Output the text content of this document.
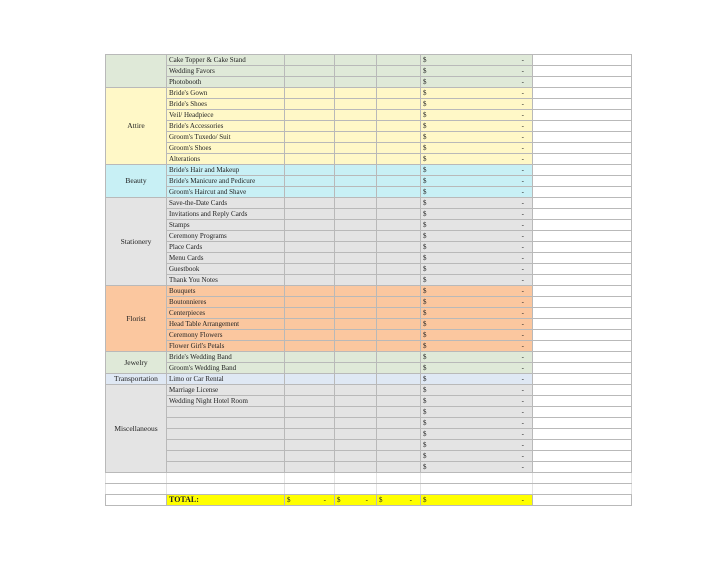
	Cake Topper & Cake Stand				$ -	

	Wedding Favors				$ -	

	Photobooth				$ -	

Attire	Bride's Gown				$ -	

	Bride's Shoes				$ -	

	Veil/ Headpiece				$ -	

	Bride's Accessories				$ -	

	Groom's Tuxedo/ Suit				$ -	

	Groom's Shoes				$ -	

	Alterations				$ -	

Beauty	Bride's Hair and Makeup				$ -	

	Bride's Manicure and Pedicure				$ -	

	Groom's Haircut and Shave				$ -	

Stationery	Save-the-Date Cards				$ -	

	Invitations and Reply Cards				$ -	

	Stamps				$ -	

	Ceremony Programs				$ -	

	Place Cards				$ -	

	Menu Cards				$ -	

	Guestbook				$ -	

	Thank You Notes				$ -	

Florist	Bouquets				$ -	

	Boutonnieres				$ -	

	Centerpieces				$ -	

	Head Table Arrangement				$ -	

	Ceremony Flowers				$ -	

	Flower Girl's Petals				$ -	

Jewelry	Bride's Wedding Band				$ -	

	Groom's Wedding Band				$ -	

Transportation	Limo or Car Rental				$ -	

Miscellaneous	Marriage License				$ -	

	Wedding Night Hotel Room				$ -	

					$ -	

					$ -	

					$ -	

					$ -	

					$ -	

					$ -	

	TOTAL:	$ -	$ -	$ -	$ -	
